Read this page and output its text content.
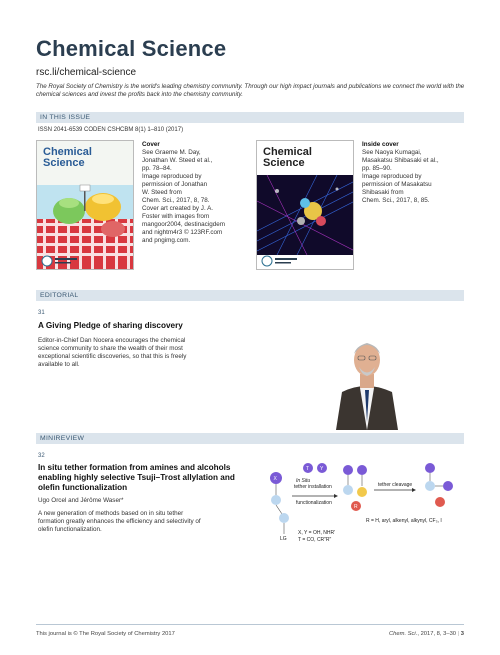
Chemical Science
rsc.li/chemical-science
The Royal Society of Chemistry is the world's leading chemistry community. Through our high impact journals and publications we connect the world with the chemical sciences and invest the profits back into the chemistry community.
IN THIS ISSUE
ISSN 2041-6539 CODEN CSHCBM 8(1) 1–810 (2017)
Chemical
Science
Cover
See Graeme M. Day,
Jonathan W. Steed et al.,
pp. 78–84.
Image reproduced by
permission of Jonathan
W. Steed from
Chem. Sci., 2017, 8, 78.
Cover art created by J. A.
Foster with images from
mangoor2004, destinacigdem
and nightm4r3 © 123RF.com
and pngimg.com.
Chemical
Science
Inside cover
See Naoya Kumagai,
Masakatsu Shibasaki et al.,
pp. 85–90.
Image reproduced by
permission of Masakatsu
Shibasaki from
Chem. Sci., 2017, 8, 85.
EDITORIAL
31
A Giving Pledge of sharing discovery
Editor-in-Chief Dan Nocera encourages the chemical
science community to share the wealth of their most
exceptional scientific discoveries, so that this is freely
available to all.
MINIREVIEW
32
In situ tether formation from amines and alcohols
enabling highly selective Tsuji–Trost allylation and
olefin functionalization
Ugo Orcel and Jérôme Waser*
A new generation of methods based on in situ tether
formation greatly enhances the efficiency and selectivity of
olefin functionalization.
X
LG
T Y
In Situ
tether installation
functionalization
R
tether cleavage
X, Y = OH, NHR'
T = CO, CR"R"
R = H, aryl, alkenyl, alkynyl, CF₃, I
This journal is © The Royal Society of Chemistry 2017	Chem. Sci., 2017, 8, 3–30 | 3
